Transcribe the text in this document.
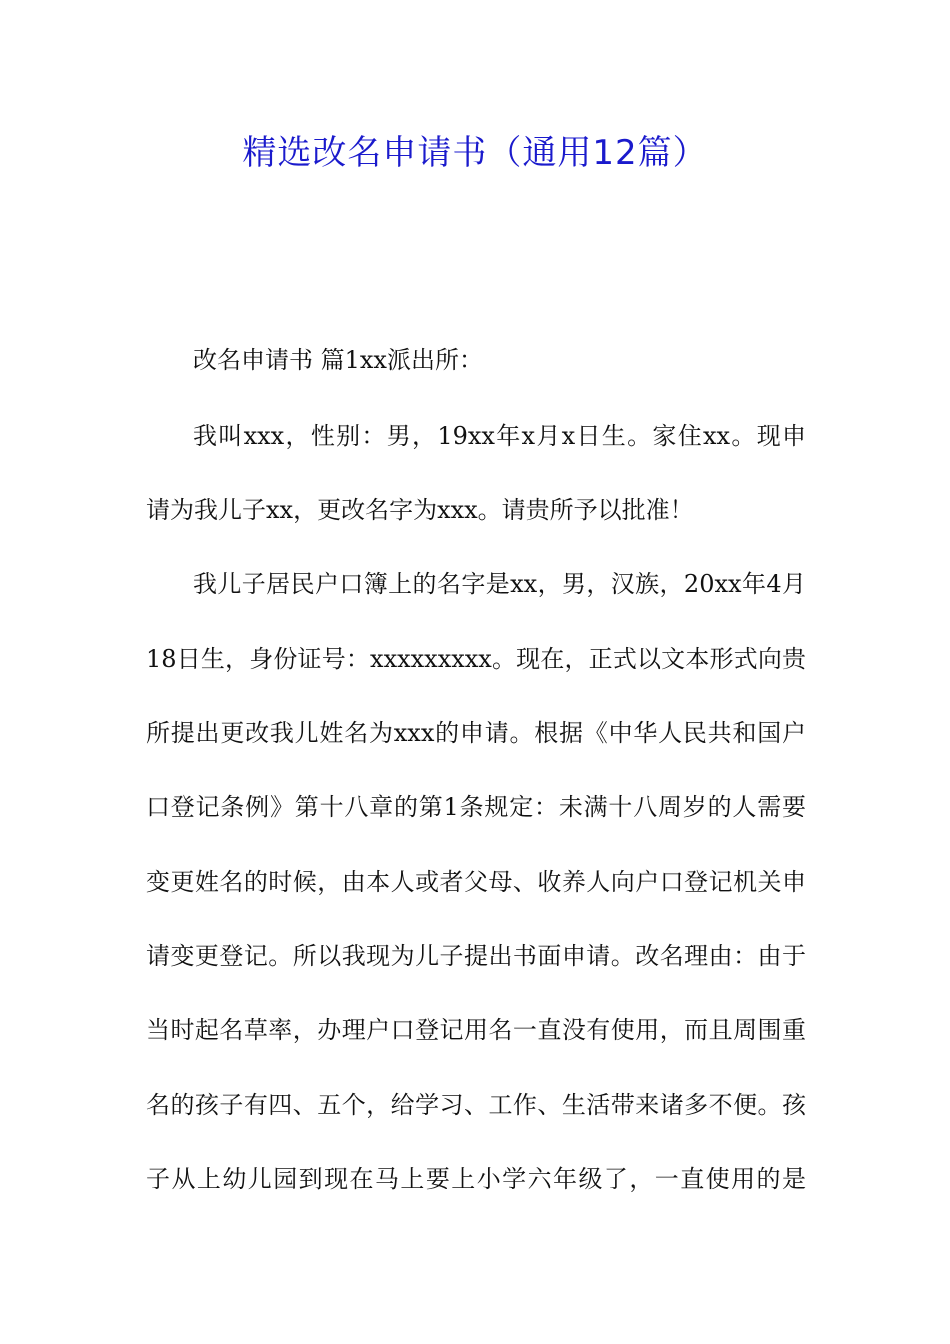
精选改名申请书（通用12篇）
改名申请书 篇1xx派出所：
我叫xxx，性别：男，19xx年x月x日生。家住xx。现申
请为我儿子xx，更改名字为xxx。请贵所予以批准！
我儿子居民户口簿上的名字是xx，男，汉族，20xx年4月
18日生，身份证号：xxxxxxxxx。现在，正式以文本形式向贵
所提出更改我儿姓名为xxx的申请。根据《中华人民共和国户
口登记条例》第十八章的第1条规定：未满十八周岁的人需要
变更姓名的时候，由本人或者父母、收养人向户口登记机关申
请变更登记。所以我现为儿子提出书面申请。改名理由：由于
当时起名草率，办理户口登记用名一直没有使用，而且周围重
名的孩子有四、五个，给学习、工作、生活带来诸多不便。孩
子从上幼儿园到现在马上要上小学六年级了，一直使用的是
